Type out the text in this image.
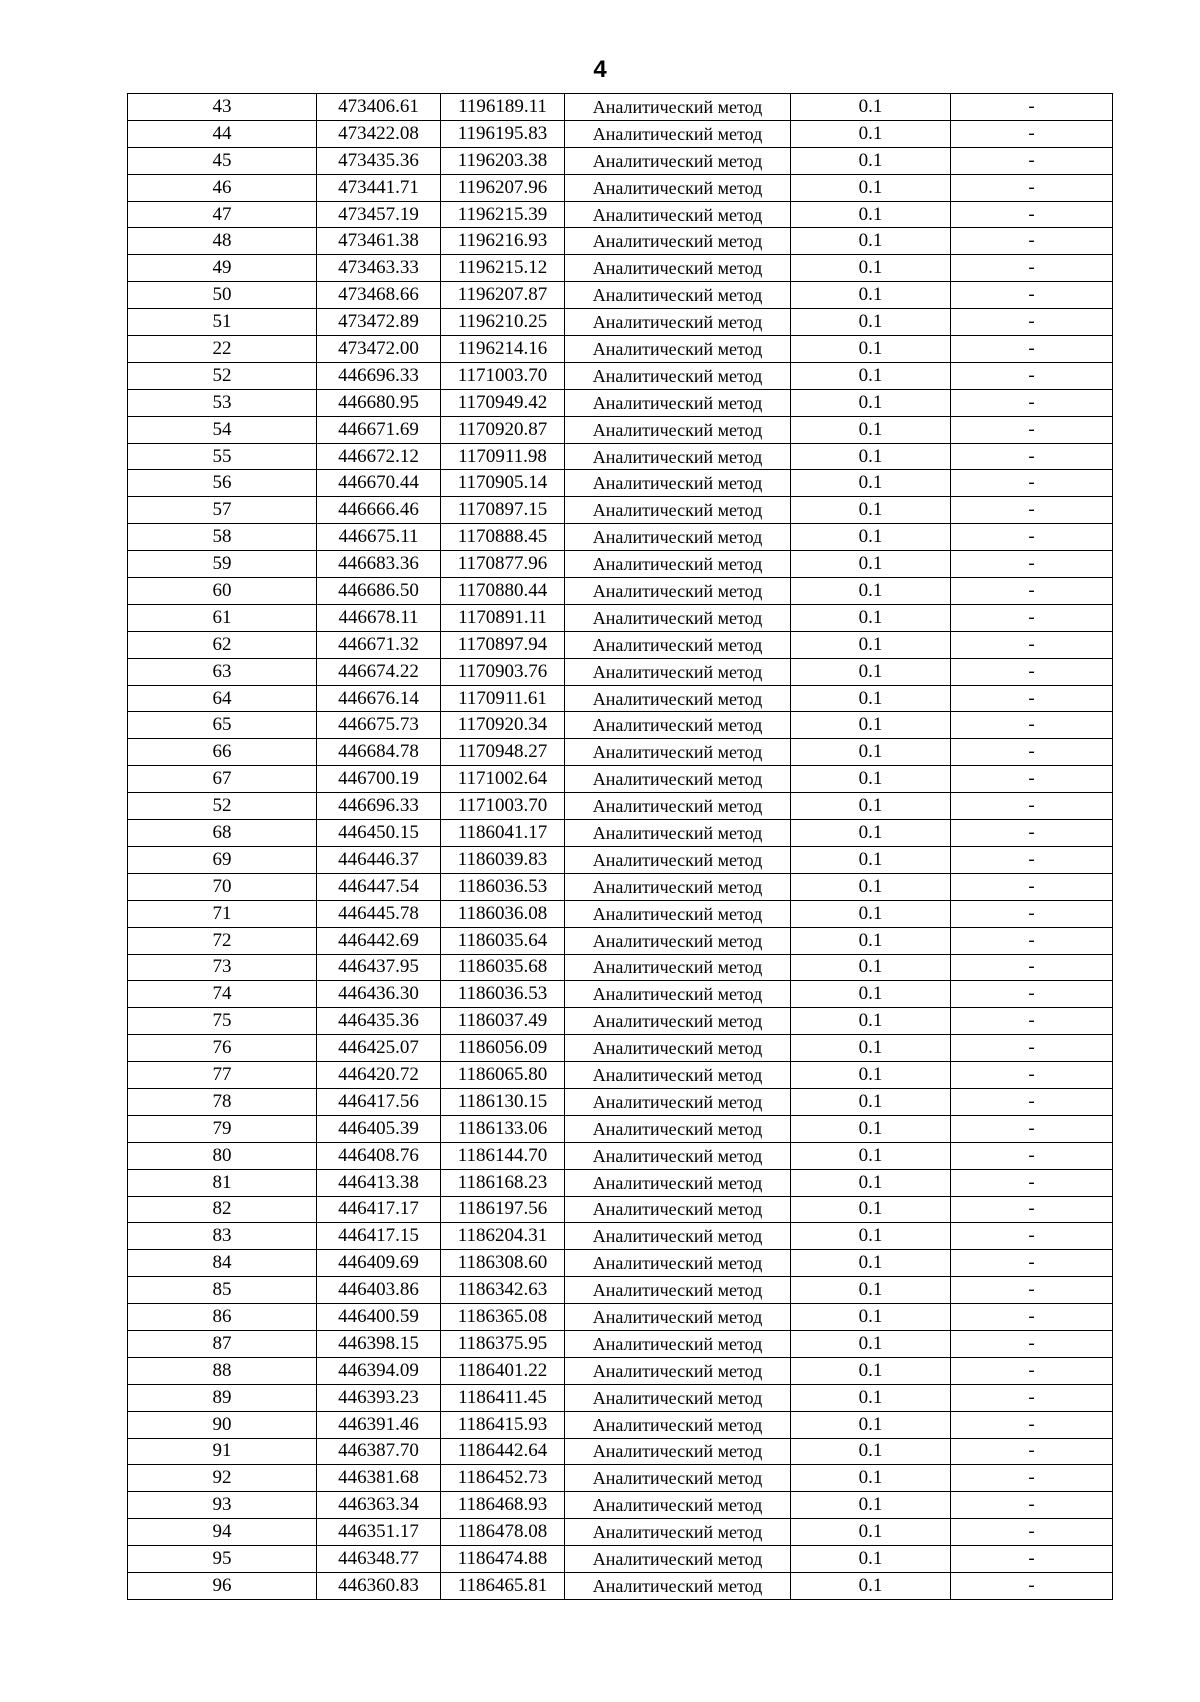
4
43	473406.61	1196189.11	Аналитический метод	0.1	-
44	473422.08	1196195.83	Аналитический метод	0.1	-
45	473435.36	1196203.38	Аналитический метод	0.1	-
46	473441.71	1196207.96	Аналитический метод	0.1	-
47	473457.19	1196215.39	Аналитический метод	0.1	-
48	473461.38	1196216.93	Аналитический метод	0.1	-
49	473463.33	1196215.12	Аналитический метод	0.1	-
50	473468.66	1196207.87	Аналитический метод	0.1	-
51	473472.89	1196210.25	Аналитический метод	0.1	-
22	473472.00	1196214.16	Аналитический метод	0.1	-
52	446696.33	1171003.70	Аналитический метод	0.1	-
53	446680.95	1170949.42	Аналитический метод	0.1	-
54	446671.69	1170920.87	Аналитический метод	0.1	-
55	446672.12	1170911.98	Аналитический метод	0.1	-
56	446670.44	1170905.14	Аналитический метод	0.1	-
57	446666.46	1170897.15	Аналитический метод	0.1	-
58	446675.11	1170888.45	Аналитический метод	0.1	-
59	446683.36	1170877.96	Аналитический метод	0.1	-
60	446686.50	1170880.44	Аналитический метод	0.1	-
61	446678.11	1170891.11	Аналитический метод	0.1	-
62	446671.32	1170897.94	Аналитический метод	0.1	-
63	446674.22	1170903.76	Аналитический метод	0.1	-
64	446676.14	1170911.61	Аналитический метод	0.1	-
65	446675.73	1170920.34	Аналитический метод	0.1	-
66	446684.78	1170948.27	Аналитический метод	0.1	-
67	446700.19	1171002.64	Аналитический метод	0.1	-
52	446696.33	1171003.70	Аналитический метод	0.1	-
68	446450.15	1186041.17	Аналитический метод	0.1	-
69	446446.37	1186039.83	Аналитический метод	0.1	-
70	446447.54	1186036.53	Аналитический метод	0.1	-
71	446445.78	1186036.08	Аналитический метод	0.1	-
72	446442.69	1186035.64	Аналитический метод	0.1	-
73	446437.95	1186035.68	Аналитический метод	0.1	-
74	446436.30	1186036.53	Аналитический метод	0.1	-
75	446435.36	1186037.49	Аналитический метод	0.1	-
76	446425.07	1186056.09	Аналитический метод	0.1	-
77	446420.72	1186065.80	Аналитический метод	0.1	-
78	446417.56	1186130.15	Аналитический метод	0.1	-
79	446405.39	1186133.06	Аналитический метод	0.1	-
80	446408.76	1186144.70	Аналитический метод	0.1	-
81	446413.38	1186168.23	Аналитический метод	0.1	-
82	446417.17	1186197.56	Аналитический метод	0.1	-
83	446417.15	1186204.31	Аналитический метод	0.1	-
84	446409.69	1186308.60	Аналитический метод	0.1	-
85	446403.86	1186342.63	Аналитический метод	0.1	-
86	446400.59	1186365.08	Аналитический метод	0.1	-
87	446398.15	1186375.95	Аналитический метод	0.1	-
88	446394.09	1186401.22	Аналитический метод	0.1	-
89	446393.23	1186411.45	Аналитический метод	0.1	-
90	446391.46	1186415.93	Аналитический метод	0.1	-
91	446387.70	1186442.64	Аналитический метод	0.1	-
92	446381.68	1186452.73	Аналитический метод	0.1	-
93	446363.34	1186468.93	Аналитический метод	0.1	-
94	446351.17	1186478.08	Аналитический метод	0.1	-
95	446348.77	1186474.88	Аналитический метод	0.1	-
96	446360.83	1186465.81	Аналитический метод	0.1	-
